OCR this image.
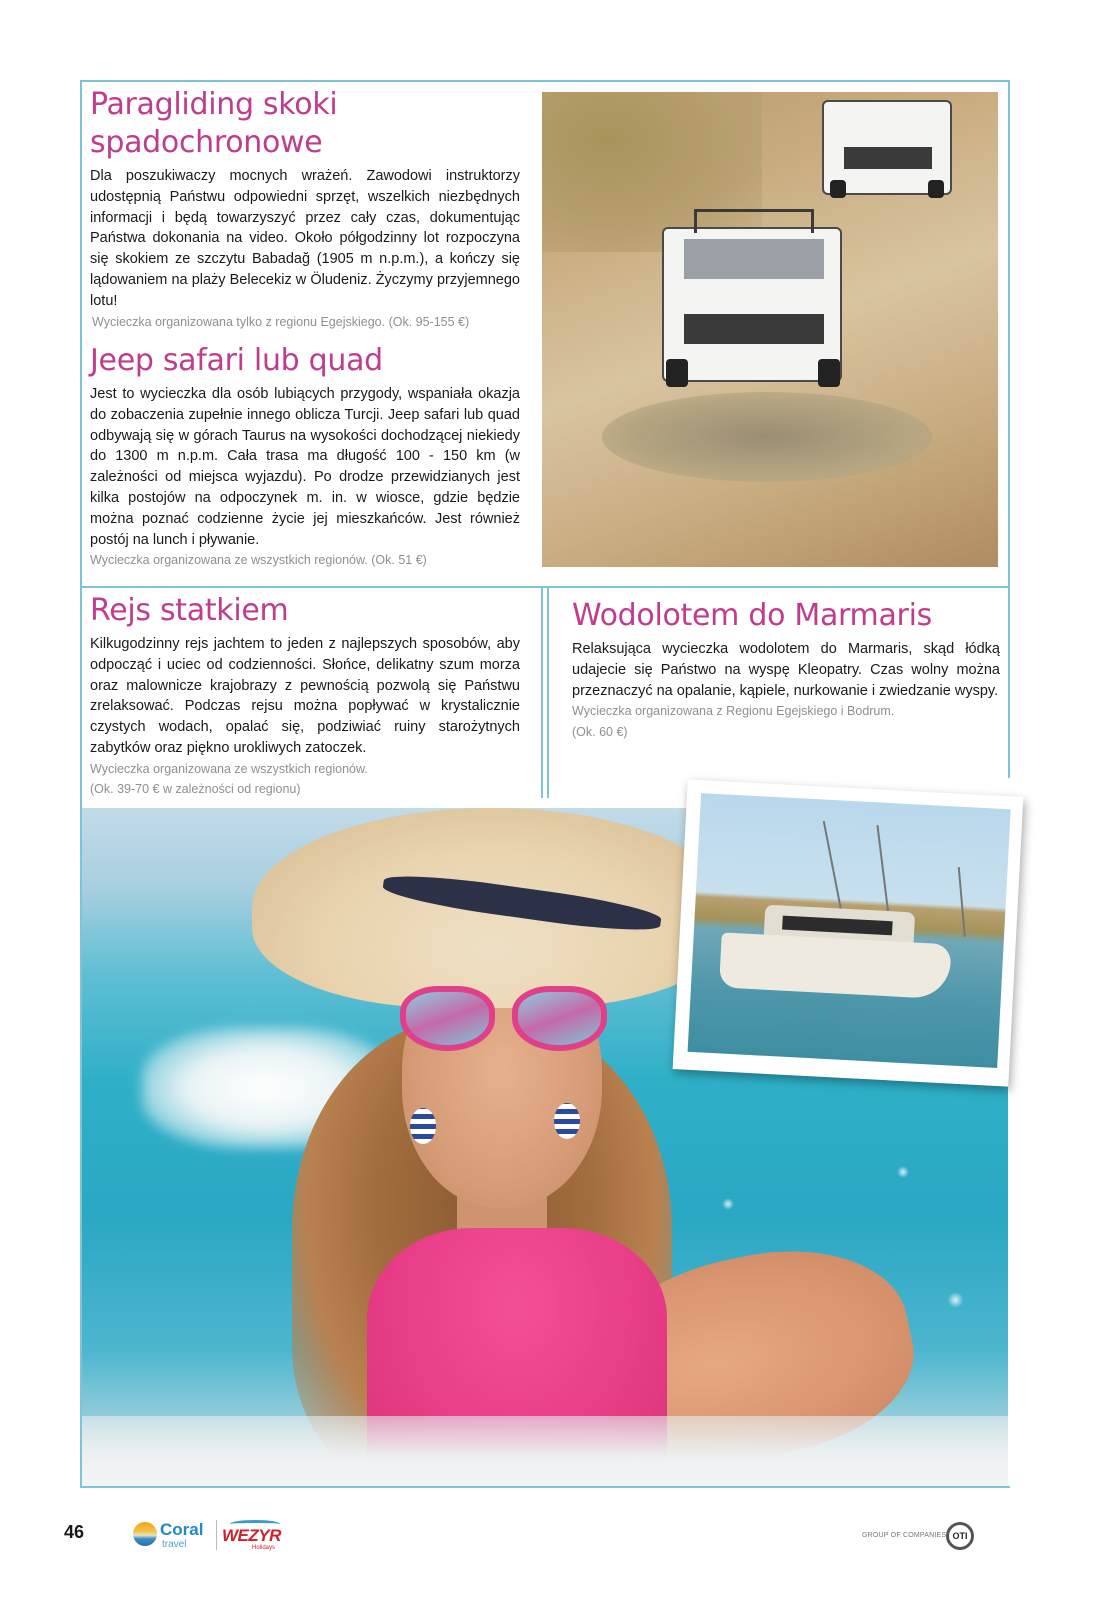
Paragliding skoki spadochronowe

Dla poszukiwaczy mocnych wrażeń. Zawodowi instruktorzy udostępnią Państwu odpowiedni sprzęt, wszelkich niezbędnych informacji i będą towarzyszyć przez cały czas, dokumentując Państwa dokonania na video. Około półgodzinny lot rozpoczyna się skokiem ze szczytu Babadağ (1905 m n.p.m.), a kończy się lądowaniem na plaży Belecekiz w Öludeniz. Życzymy przyjemnego lotu!

Wycieczka organizowana tylko z regionu Egejskiego. (Ok. 95-155 €)

Jeep safari lub quad

Jest to wycieczka dla osób lubiących przygody, wspaniała okazja do zobaczenia zupełnie innego oblicza Turcji. Jeep safari lub quad odbywają się w górach Taurus na wysokości dochodzącej niekiedy do 1300 m n.p.m. Cała trasa ma długość 100 - 150 km (w zależności od miejsca wyjazdu). Po drodze przewidzianych jest kilka postojów na odpoczynek m. in. w wiosce, gdzie będzie można poznać codzienne życie jej mieszkańców. Jest również postój na lunch i pływanie.

Wycieczka organizowana ze wszystkich regionów. (Ok. 51 €)

Rejs statkiem

Kilkugodzinny rejs jachtem to jeden z najlepszych sposobów, aby odpocząć i uciec od codzienności. Słońce, delikatny szum morza oraz malownicze krajobrazy z pewnością pozwolą się Państwu zrelaksować. Podczas rejsu można popływać w krystalicznie czystych wodach, opalać się, podziwiać ruiny starożytnych zabytków oraz piękno urokliwych zatoczek.

Wycieczka organizowana ze wszystkich regionów.

(Ok. 39-70 € w zależności od regionu)

Wodolotem do Marmaris

Relaksująca wycieczka wodolotem do Marmaris, skąd łódką udajecie się Państwo na wyspę Kleopatry. Czas wolny można przeznaczyć na opalanie, kąpiele, nurkowanie i zwiedzanie wyspy.

Wycieczka organizowana z Regionu Egejskiego i Bodrum.

(Ok. 60 €)

46	Coral
travel WEZYR
Holidays
GROUP OF COMPANIES OTI
